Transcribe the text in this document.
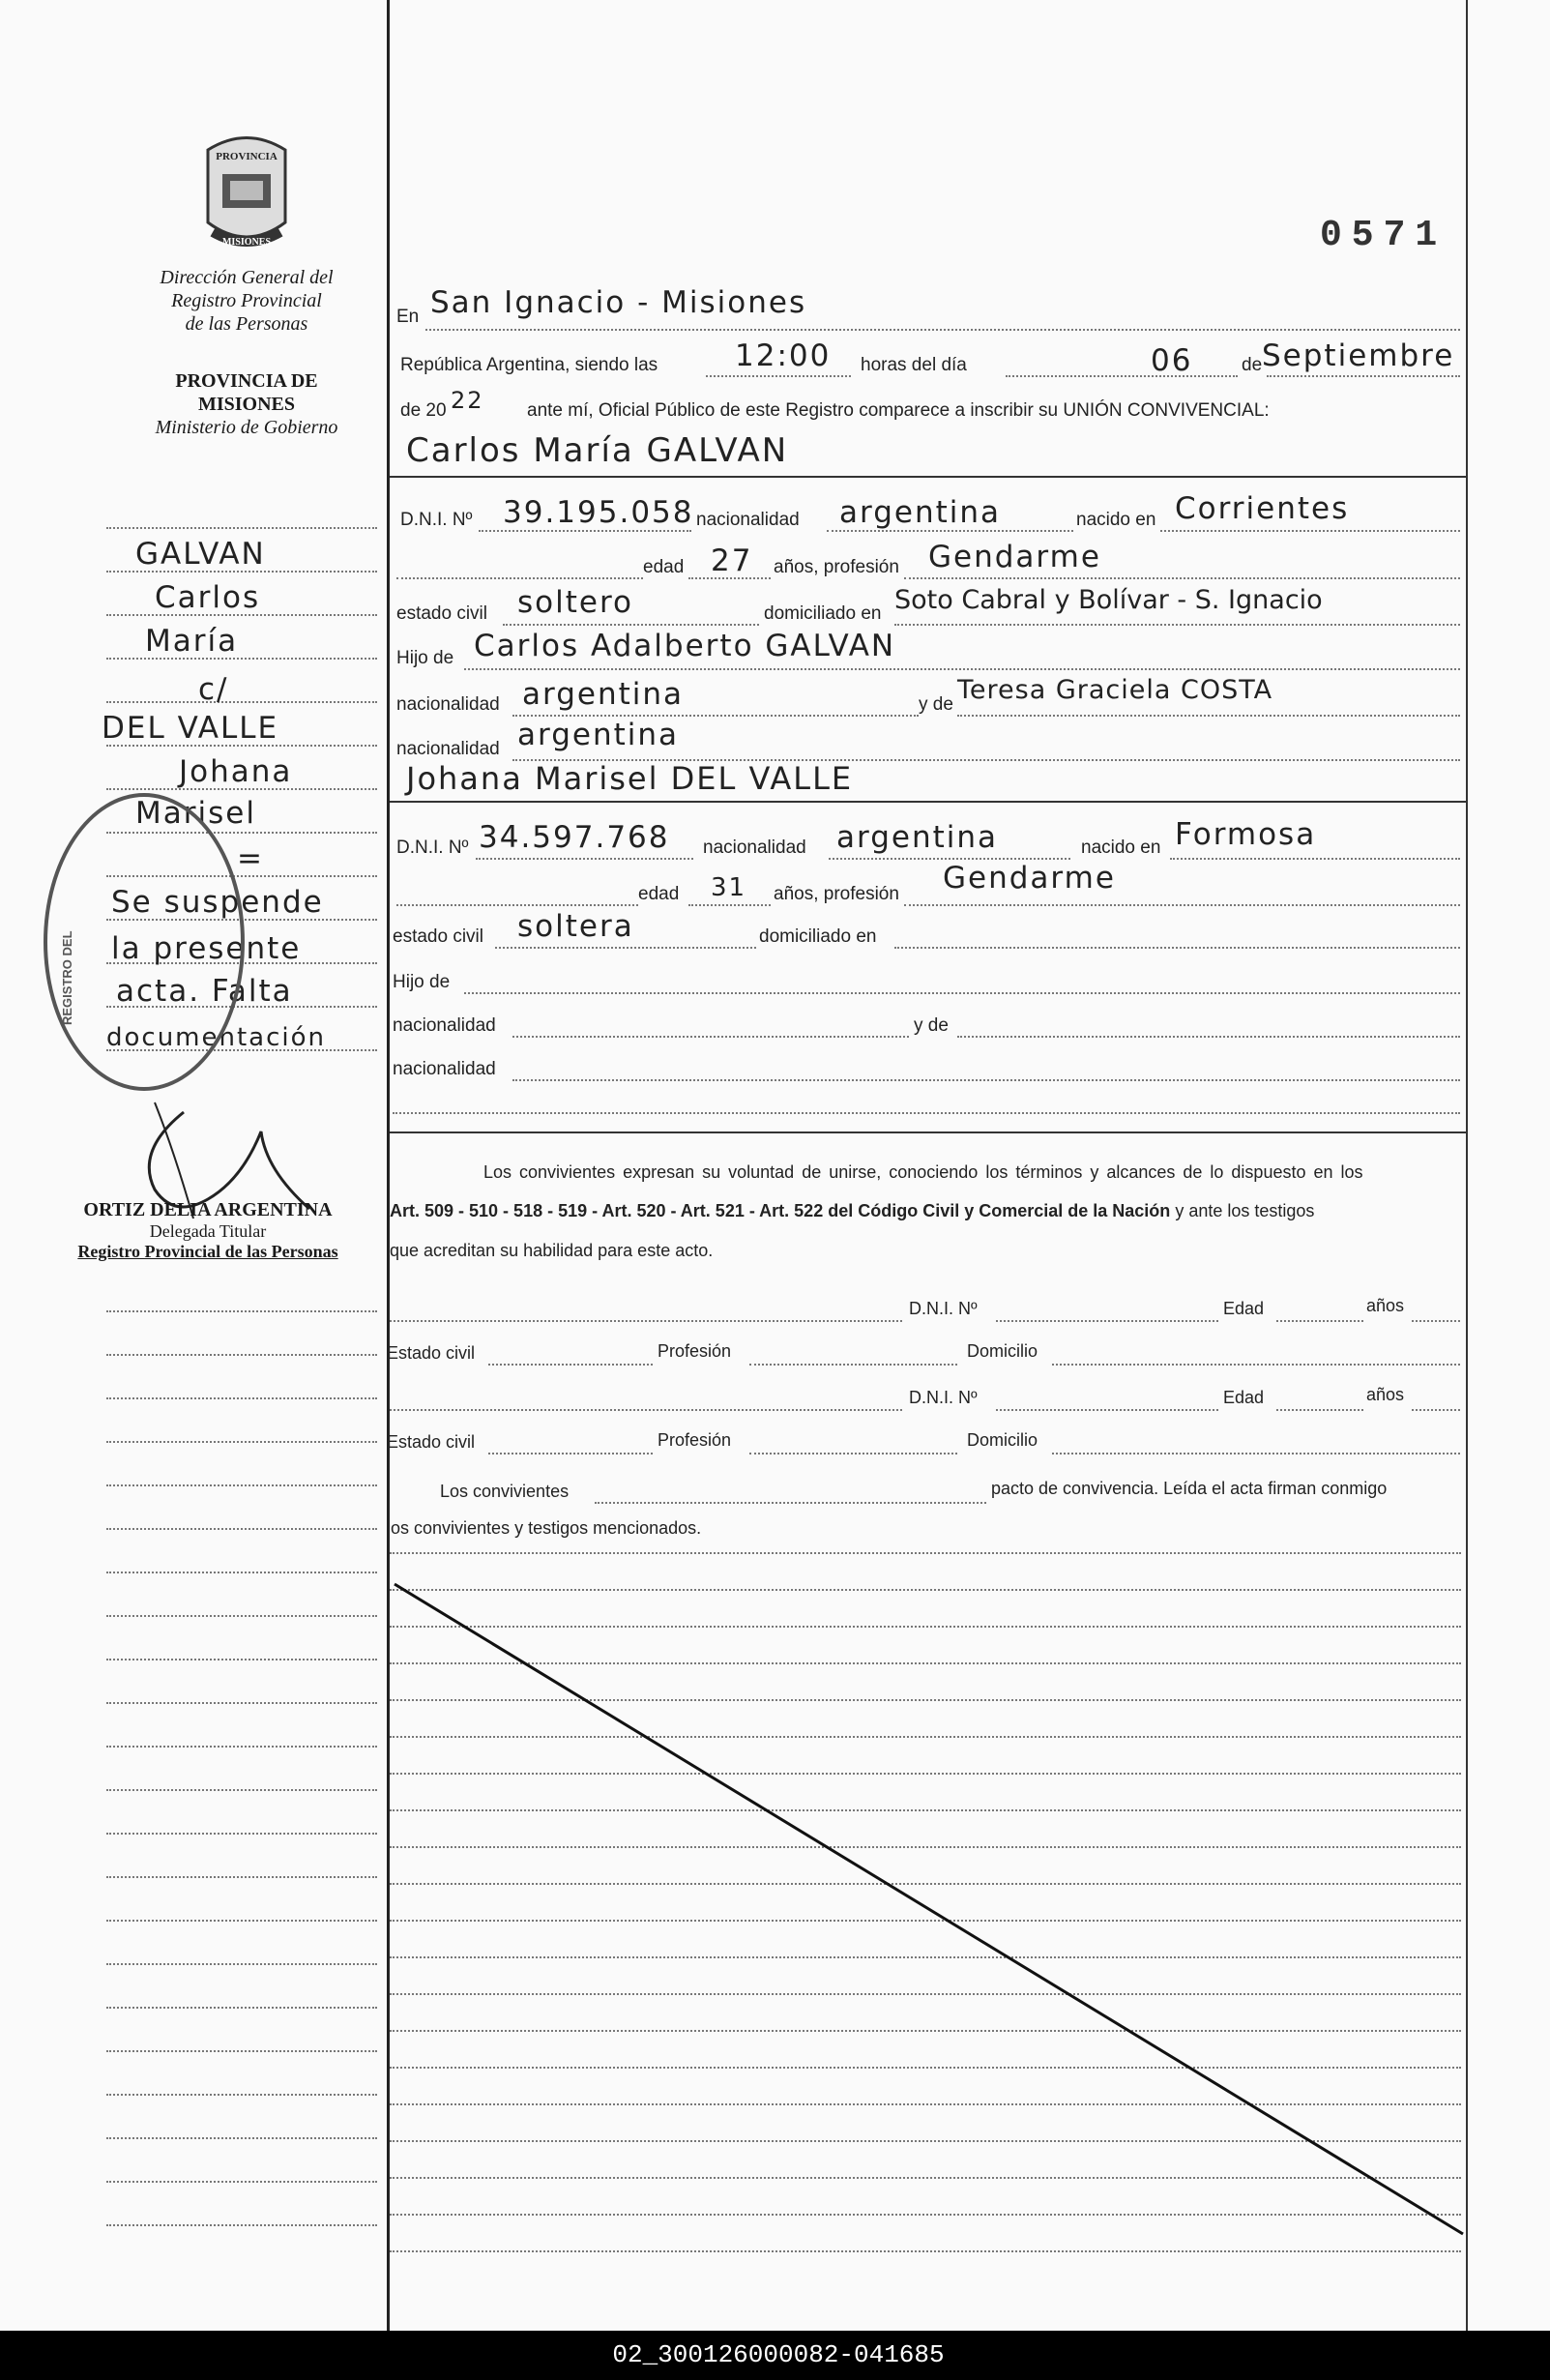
PROVINCIA
MISIONES
Dirección General del
Registro Provincial
de las Personas
PROVINCIA DE
MISIONES
Ministerio de Gobierno
0571
GALVAN
Carlos
María
c/
DEL VALLE
Johana
Marisel
=
Se suspende
la presente
acta. Falta
documentación
REGISTRO DEL
ORTIZ DELIA ARGENTINA
Delegada Titular
Registro Provincial de las Personas
En San Ignacio - Misiones
República Argentina, siendo las	12:00 horas del día	06	de Septiembre
de 20 22 ante mí, Oficial Público de este Registro comparece a inscribir su UNIÓN CONVIVENCIAL:
Carlos María GALVAN
D.N.I. Nº 39.195.058 nacionalidad argentina	nacido en Corrientes
edad 27 años, profesión Gendarme
estado civil soltero	domiciliado en Soto Cabral y Bolívar - S. Ignacio
Hijo de Carlos Adalberto GALVAN
nacionalidad argentina	y de Teresa Graciela COSTA
nacionalidad argentina
Johana Marisel DEL VALLE
D.N.I. Nº 34.597.768 nacionalidad argentina	nacido en Formosa
edad 31 años, profesión Gendarme
estado civil soltera	domiciliado en
Hijo de
nacionalidad	y de
nacionalidad
Los convivientes expresan su voluntad de unirse, conociendo los términos y alcances de lo dispuesto en los
Art. 509 - 510 - 518 - 519 - Art. 520 - Art. 521 - Art. 522 del Código Civil y Comercial de la Nación y ante los testigos
que acreditan su habilidad para este acto.
D.N.I. Nº	Edad	años
Estado civil	Profesión	Domicilio
D.N.I. Nº	Edad	años
Estado civil	Profesión	Domicilio
Los convivientes	pacto de convivencia. Leída el acta firman conmigo
los convivientes y testigos mencionados.
02_300126000082-041685
